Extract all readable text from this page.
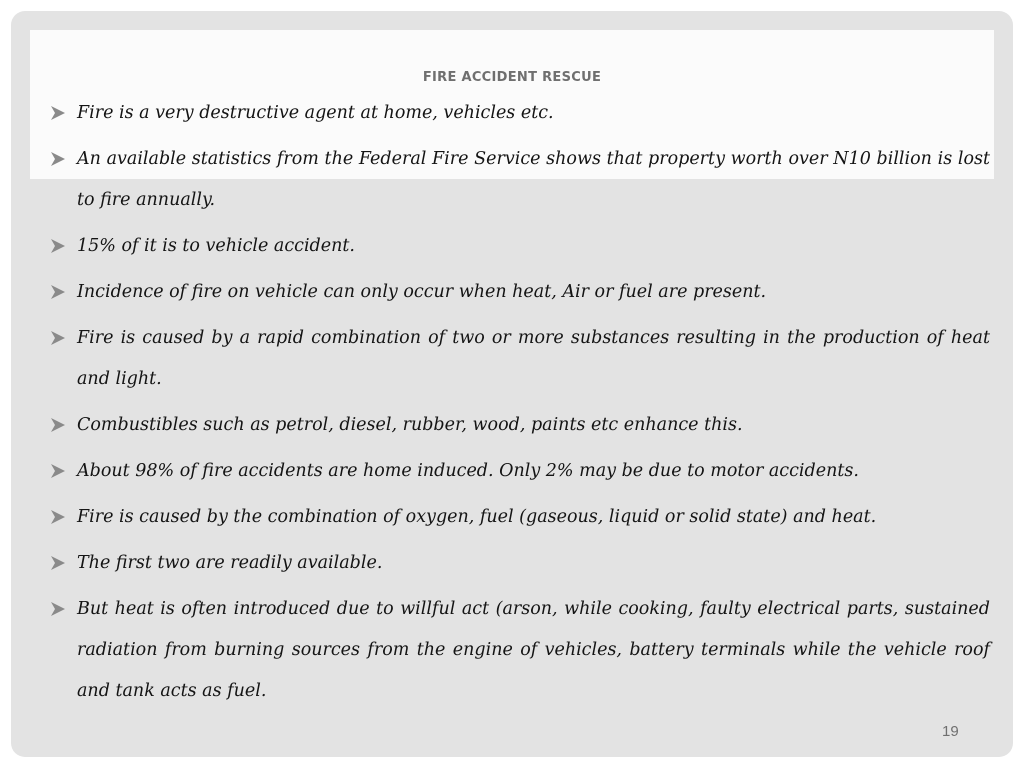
FIRE ACCIDENT RESCUE
Fire is a very destructive agent at home, vehicles etc.
An available statistics from the Federal Fire Service shows that property worth over N10 billion is lost to fire annually.
15% of it is to vehicle accident.
Incidence of fire on vehicle can only occur when heat, Air or fuel are present.
Fire is caused by a rapid combination of two or more substances resulting in the production of heat and light.
Combustibles such as petrol, diesel, rubber, wood, paints etc enhance this.
About 98% of fire accidents are home induced. Only 2% may be due to motor accidents.
Fire is caused by the combination of oxygen, fuel (gaseous, liquid or solid state) and heat.
The first two are readily available.
But heat is often introduced due to willful act (arson, while cooking, faulty electrical parts, sustained radiation from burning sources from the engine of vehicles, battery terminals while the vehicle roof and tank acts as fuel.
19
